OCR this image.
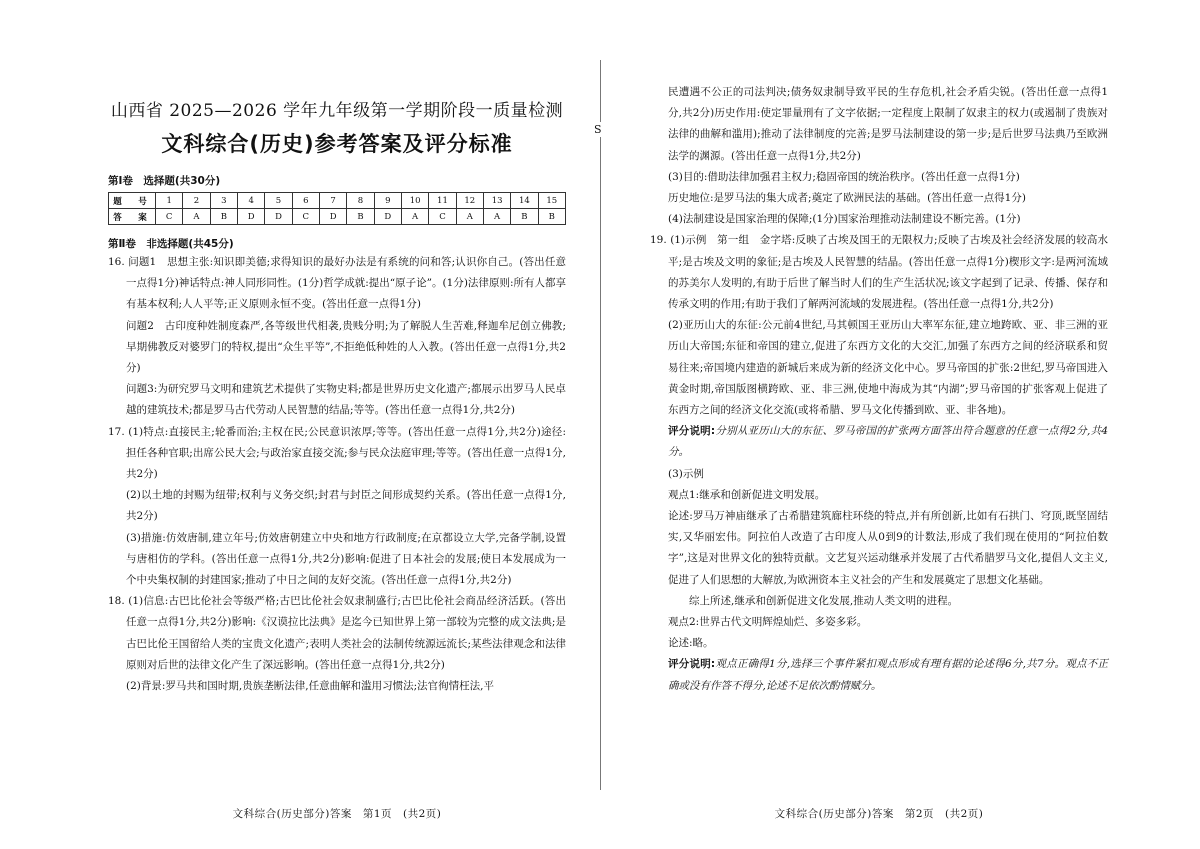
山西省 2025—2026 学年九年级第一学期阶段一质量检测
文科综合(历史)参考答案及评分标准
第Ⅰ卷　选择题(共30分)
题　号	1	2	3	4	5	6	7	8	9	10	11	12	13	14	15
答　案	C	A	B	D	D	C	D	B	D	A	C	A	A	B	B
第Ⅱ卷　非选择题(共45分)

16. 问题1　思想主张:知识即美德;求得知识的最好办法是有系统的问和答;认识你自己。(答出任意一点得1分)神话特点:神人同形同性。(1分)哲学成就:提出“原子论”。(1分)法律原则:所有人都享有基本权利;人人平等;正义原则永恒不变。(答出任意一点得1分)

问题2　古印度种姓制度森严,各等级世代相袭,贵贱分明;为了解脱人生苦难,释迦牟尼创立佛教;早期佛教反对婆罗门的特权,提出“众生平等”,不拒绝低种姓的人入教。(答出任意一点得1分,共2分)

问题3:为研究罗马文明和建筑艺术提供了实物史料;都是世界历史文化遗产;都展示出罗马人民卓越的建筑技术;都是罗马古代劳动人民智慧的结晶;等等。(答出任意一点得1分,共2分)

17. (1)特点:直接民主;轮番而治;主权在民;公民意识浓厚;等等。(答出任意一点得1分,共2分)途径:担任各种官职;出席公民大会;与政治家直接交流;参与民众法庭审理;等等。(答出任意一点得1分,共2分)

(2)以土地的封赐为纽带;权利与义务交织;封君与封臣之间形成契约关系。(答出任意一点得1分,共2分)

(3)措施:仿效唐制,建立年号;仿效唐朝建立中央和地方行政制度;在京都设立大学,完备学制,设置与唐相仿的学科。(答出任意一点得1分,共2分)影响:促进了日本社会的发展;使日本发展成为一个中央集权制的封建国家;推动了中日之间的友好交流。(答出任意一点得1分,共2分)

18. (1)信息:古巴比伦社会等级严格;古巴比伦社会奴隶制盛行;古巴比伦社会商品经济活跃。(答出任意一点得1分,共2分)影响:《汉谟拉比法典》是迄今已知世界上第一部较为完整的成文法典;是古巴比伦王国留给人类的宝贵文化遗产;表明人类社会的法制传统源远流长;某些法律观念和法律原则对后世的法律文化产生了深远影响。(答出任意一点得1分,共2分)

(2)背景:罗马共和国时期,贵族垄断法律,任意曲解和滥用习惯法;法官徇情枉法,平

文科综合(历史部分)答案　第1页　(共2页)
S

民遭遇不公正的司法判决;债务奴隶制导致平民的生存危机,社会矛盾尖锐。(答出任意一点得1分,共2分)历史作用:使定罪量刑有了文字依据;一定程度上限制了奴隶主的权力(或遏制了贵族对法律的曲解和滥用);推动了法律制度的完善;是罗马法制建设的第一步;是后世罗马法典乃至欧洲法学的渊源。(答出任意一点得1分,共2分)

(3)目的:借助法律加强君主权力;稳固帝国的统治秩序。(答出任意一点得1分)

历史地位:是罗马法的集大成者;奠定了欧洲民法的基础。(答出任意一点得1分)

(4)法制建设是国家治理的保障;(1分)国家治理推动法制建设不断完善。(1分)

19. (1)示例　第一组　金字塔:反映了古埃及国王的无限权力;反映了古埃及社会经济发展的较高水平;是古埃及文明的象征;是古埃及人民智慧的结晶。(答出任意一点得1分)楔形文字:是两河流域的苏美尔人发明的,有助于后世了解当时人们的生产生活状况;该文字起到了记录、传播、保存和传承文明的作用;有助于我们了解两河流域的发展进程。(答出任意一点得1分,共2分)

(2)亚历山大的东征:公元前4世纪,马其顿国王亚历山大率军东征,建立地跨欧、亚、非三洲的亚历山大帝国;东征和帝国的建立,促进了东西方文化的大交汇,加强了东西方之间的经济联系和贸易往来;帝国境内建造的新城后来成为新的经济文化中心。罗马帝国的扩张:2世纪,罗马帝国进入黄金时期,帝国版图横跨欧、亚、非三洲,使地中海成为其“内湖”;罗马帝国的扩张客观上促进了东西方之间的经济文化交流(或将希腊、罗马文化传播到欧、亚、非各地)。

评分说明:分别从亚历山大的东征、罗马帝国的扩张两方面答出符合题意的任意一点得2分,共4分。

(3)示例

观点1:继承和创新促进文明发展。

论述:罗马万神庙继承了古希腊建筑廊柱环绕的特点,并有所创新,比如有石拱门、穹顶,既坚固结实,又华丽宏伟。阿拉伯人改造了古印度人从0到9的计数法,形成了我们现在使用的“阿拉伯数字”,这是对世界文化的独特贡献。文艺复兴运动继承并发展了古代希腊罗马文化,提倡人文主义,促进了人们思想的大解放,为欧洲资本主义社会的产生和发展奠定了思想文化基础。

综上所述,继承和创新促进文化发展,推动人类文明的进程。

观点2:世界古代文明辉煌灿烂、多姿多彩。

论述:略。

评分说明:观点正确得1分,选择三个事件紧扣观点形成有理有据的论述得6分,共7分。观点不正确或没有作答不得分,论述不足依次酌情赋分。

文科综合(历史部分)答案　第2页　(共2页)
